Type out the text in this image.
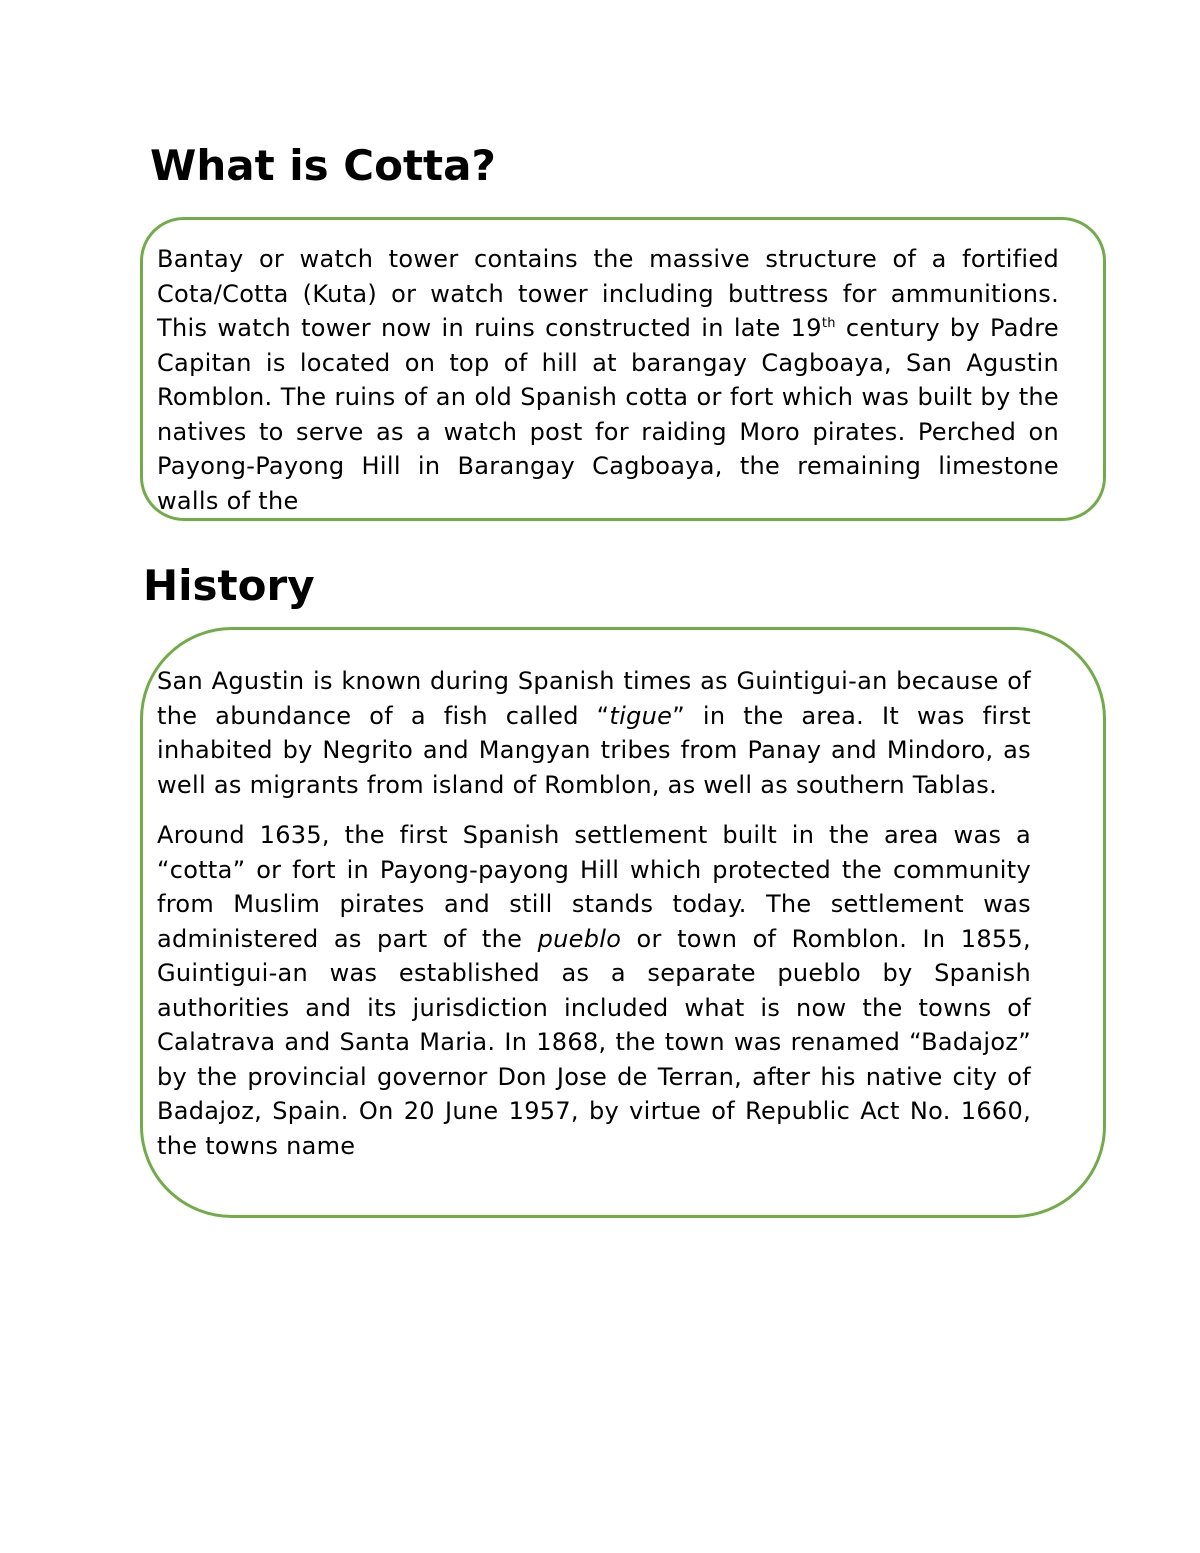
What is Cotta?

Bantay or watch tower contains the massive structure of a fortified Cota/Cotta (Kuta) or watch tower including buttress for ammunitions. This watch tower now in ruins constructed in late 19th century by Padre Capitan is located on top of hill at barangay Cagboaya, San Agustin Romblon. The ruins of an old Spanish cotta or fort which was built by the natives to serve as a watch post for raiding Moro pirates. Perched on Payong-Payong Hill in Barangay Cagboaya, the remaining limestone walls of the

History

San Agustin is known during Spanish times as Guintigui-an because of the abundance of a fish called “tigue” in the area. It was first inhabited by Negrito and Mangyan tribes from Panay and Mindoro, as well as migrants from island of Romblon, as well as southern Tablas.

Around 1635, the first Spanish settlement built in the area was a “cotta” or fort in Payong-payong Hill which protected the community from Muslim pirates and still stands today. The settlement was administered as part of the pueblo or town of Romblon. In 1855, Guintigui-an was established as a separate pueblo by Spanish authorities and its jurisdiction included what is now the towns of Calatrava and Santa Maria. In 1868, the town was renamed “Badajoz” by the provincial governor Don Jose de Terran, after his native city of Badajoz, Spain. On 20 June 1957, by virtue of Republic Act No. 1660, the towns name
